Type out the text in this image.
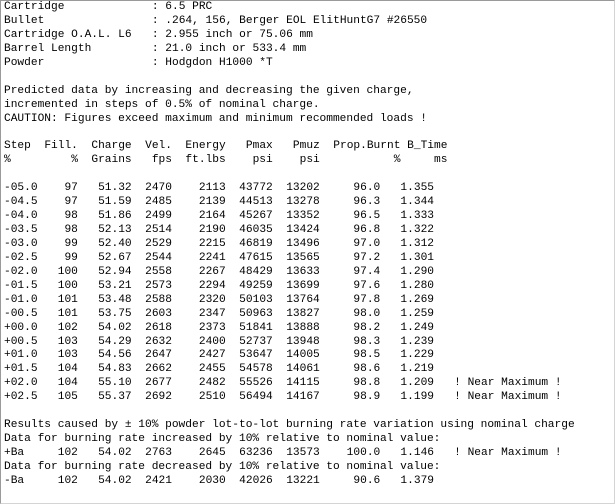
Cartridge	: 6.5 PRC
Bullet	: .264, 156, Berger EOL ElitHuntG7 #26550
Cartridge O.A.L. L6 : 2.955 inch or 75.06 mm
Barrel Length	: 21.0 inch or 533.4 mm
Powder	: Hodgdon H1000 *T
Predicted data by increasing and decreasing the given charge,
incremented in steps of 0.5% of nominal charge.
CAUTION: Figures exceed maximum and minimum recommended loads !
Step Fill. Charge Vel. Energy Pmax Pmuz Prop.Burnt B_Time
%	% Grains fps ft.lbs psi psi	%	ms
-05.0 97 51.32 2470 2113 43772 13202	96.0 1.355
-04.5 97 51.59 2485 2139 44513 13278	96.3 1.344
-04.0 98 51.86 2499 2164 45267 13352	96.5 1.333
-03.5 98 52.13 2514 2190 46035 13424	96.8 1.322
-03.0 99 52.40 2529 2215 46819 13496	97.0 1.312
-02.5 99 52.67 2544 2241 47615 13565	97.2 1.301
-02.0 100 52.94 2558 2267 48429 13633	97.4 1.290
-01.5 100 53.21 2573 2294 49259 13699	97.6 1.280
-01.0 101 53.48 2588 2320 50103 13764	97.8 1.269
-00.5 101 53.75 2603 2347 50963 13827	98.0 1.259
+00.0 102 54.02 2618 2373 51841 13888	98.2 1.249
+00.5 103 54.29 2632 2400 52737 13948	98.3 1.239
+01.0 103 54.56 2647 2427 53647 14005	98.5 1.229
+01.5 104 54.83 2662 2455 54578 14061	98.6 1.219
+02.0 104 55.10 2677 2482 55526 14115	98.8 1.209 ! Near Maximum !
+02.5 105 55.37 2692 2510 56494 14167	98.9 1.199 ! Near Maximum !
Results caused by ± 10% powder lot-to-lot burning rate variation using nominal charge
Data for burning rate increased by 10% relative to nominal value:
+Ba	102 54.02 2763 2645 63236 13573 100.0 1.146 ! Near Maximum !
Data for burning rate decreased by 10% relative to nominal value:
-Ba	102 54.02 2421 2030 42026 13221	90.6 1.379
